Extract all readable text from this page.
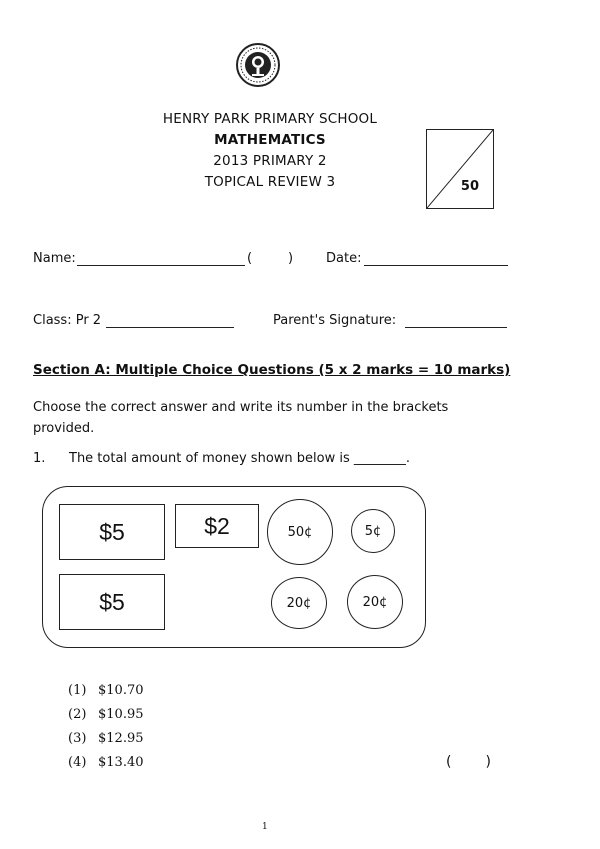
HENRY PARK PRIMARY SCHOOL
MATHEMATICS
2013 PRIMARY 2
TOPICAL REVIEW 3	50
Name:	(	)	Date:
Class: Pr 2	Parent's Signature:
Section A: Multiple Choice Questions (5 x 2 marks = 10 marks)
Choose the correct answer and write its number in the brackets provided.
1. The total amount of money shown below is ________.
$5	$2
$5
50¢	5¢
20¢	20¢
(1) $10.70
(2) $10.95
(3) $12.95
(4) $13.40	( )
1
